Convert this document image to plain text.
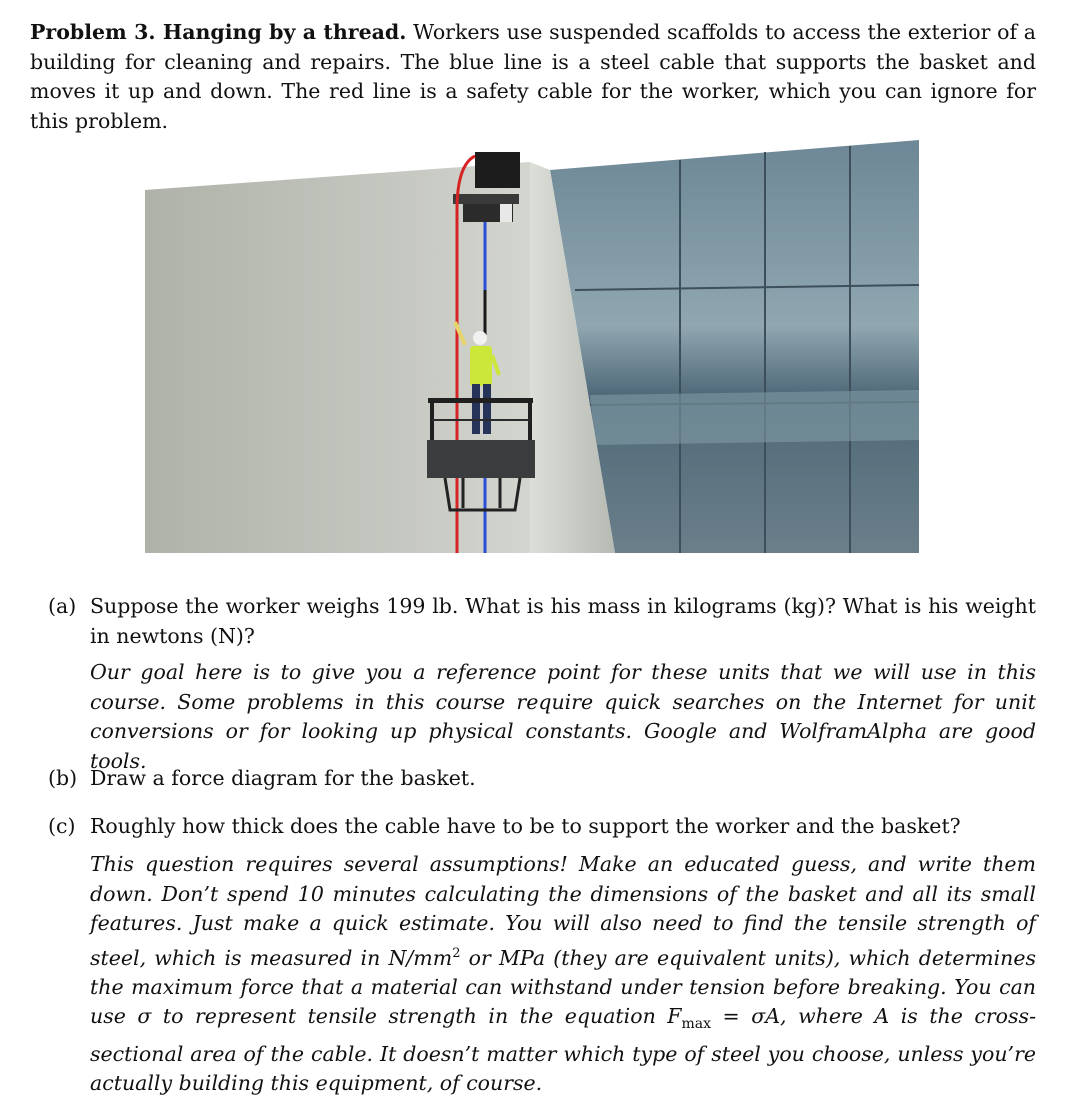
Problem 3. Hanging by a thread. Workers use suspended scaffolds to access the exterior of a building for cleaning and repairs. The blue line is a steel cable that supports the basket and moves it up and down. The red line is a safety cable for the worker, which you can ignore for this problem.

(a) Suppose the worker weighs 199 lb. What is his mass in kilograms (kg)? What is his weight in newtons (N)?

Our goal here is to give you a reference point for these units that we will use in this course. Some problems in this course require quick searches on the Internet for unit conversions or for looking up physical constants. Google and WolframAlpha are good tools.

(b) Draw a force diagram for the basket.
(c) Roughly how thick does the cable have to be to support the worker and the basket?

This question requires several assumptions! Make an educated guess, and write them down. Don’t spend 10 minutes calculating the dimensions of the basket and all its small features. Just make a quick estimate. You will also need to find the tensile strength of steel, which is measured in $N/mm^2$ or MPa (they are equivalent units), which determines the maximum force that a material can withstand under tension before breaking. You can use σ to represent tensile strength in the equation $F_{max} = \sigma A$, where A is the cross-sectional area of the cable. It doesn’t matter which type of steel you choose, unless you’re actually building this equipment, of course.
